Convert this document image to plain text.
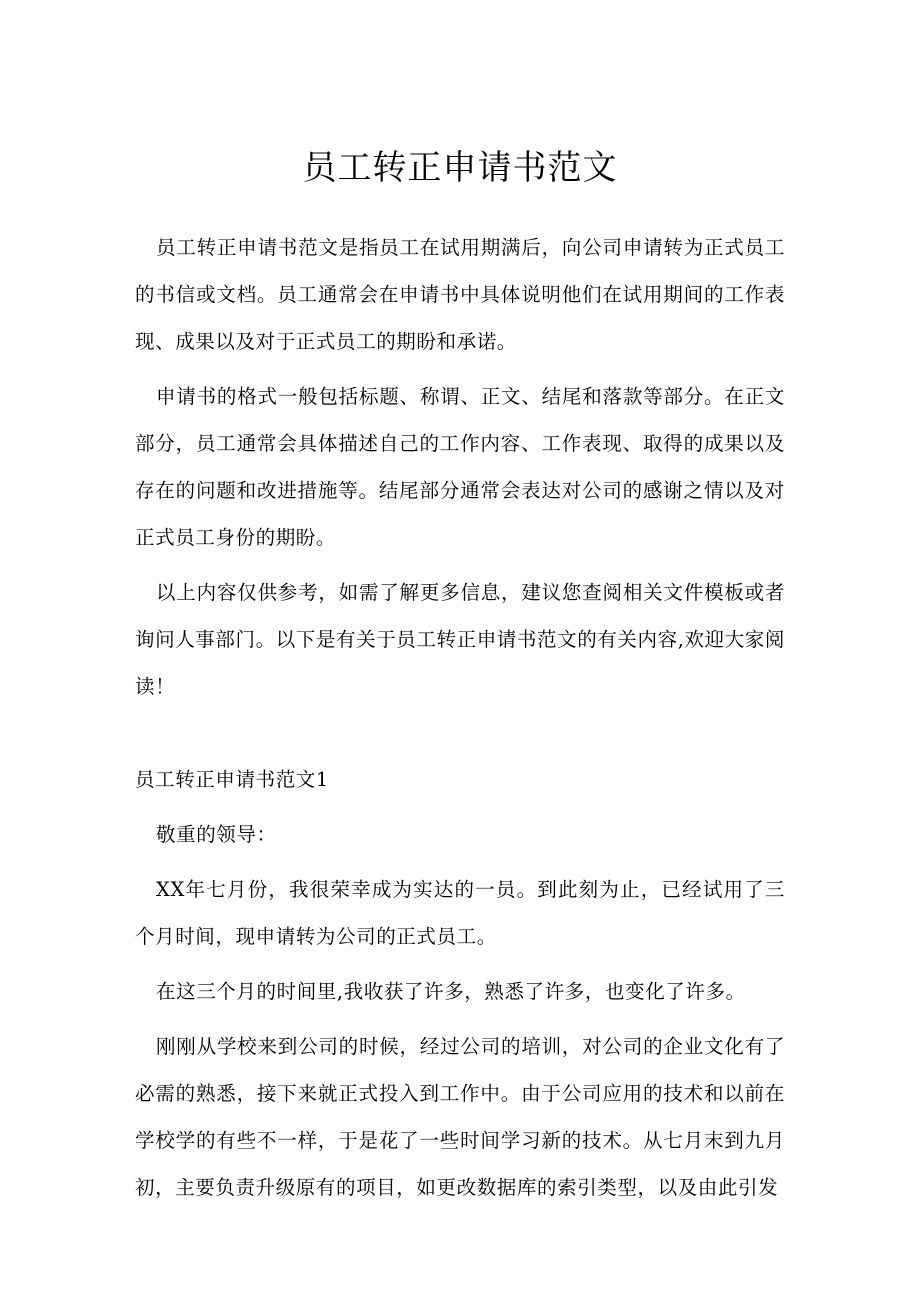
员工转正申请书范文

员工转正申请书范文是指员工在试用期满后，向公司申请转为正式员工的书信或文档。员工通常会在申请书中具体说明他们在试用期间的工作表现、成果以及对于正式员工的期盼和承诺。

申请书的格式一般包括标题、称谓、正文、结尾和落款等部分。在正文部分，员工通常会具体描述自己的工作内容、工作表现、取得的成果以及存在的问题和改进措施等。结尾部分通常会表达对公司的感谢之情以及对正式员工身份的期盼。

以上内容仅供参考，如需了解更多信息，建议您查阅相关文件模板或者询问人事部门。以下是有关于员工转正申请书范文的有关内容,欢迎大家阅读！

员工转正申请书范文1

敬重的领导：

XX年七月份，我很荣幸成为实达的一员。到此刻为止，已经试用了三个月时间，现申请转为公司的正式员工。

在这三个月的时间里,我收获了许多，熟悉了许多，也变化了许多。

刚刚从学校来到公司的时候，经过公司的培训，对公司的企业文化有了必需的熟悉，接下来就正式投入到工作中。由于公司应用的技术和以前在学校学的有些不一样，于是花了一些时间学习新的技术。从七月末到九月初，主要负责升级原有的项目，如更改数据库的索引类型，以及由此引发
